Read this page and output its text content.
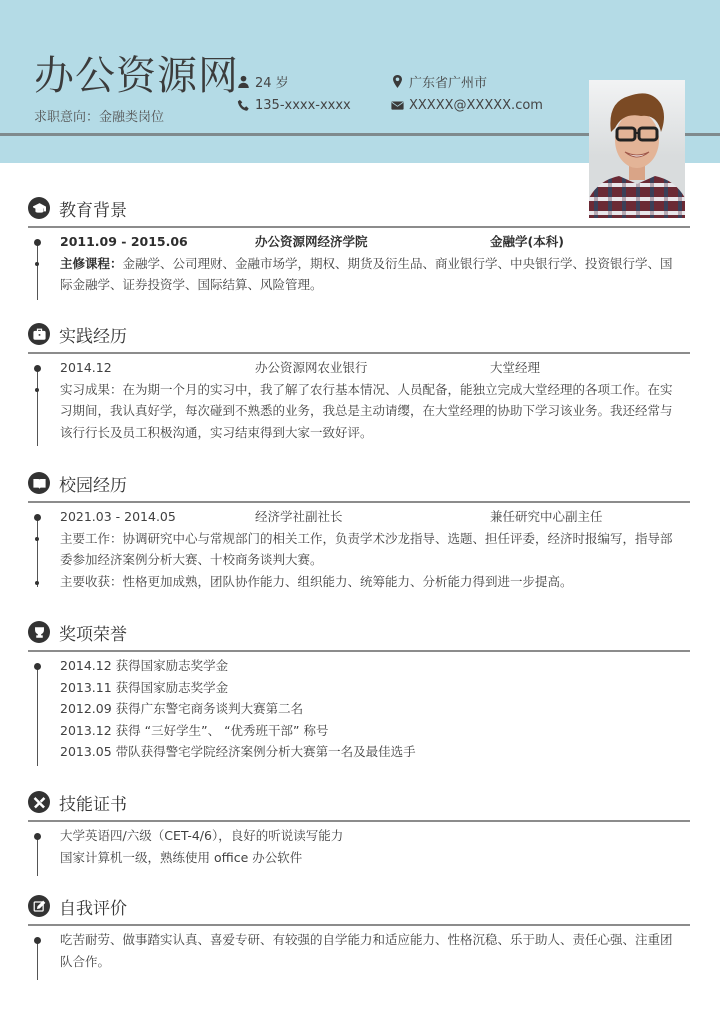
办公资源网
求职意向：金融类岗位
24 岁
135-xxxx-xxxx
广东省广州市
XXXXX@XXXXX.com
教育背景
2011.09 - 2015.06	办公资源网经济学院	金融学(本科)
主修课程：金融学、公司理财、金融市场学，期权、期货及衍生品、商业银行学、中央银行学、投资银行学、国
际金融学、证券投资学、国际结算、风险管理。
实践经历
2014.12	办公资源网农业银行	大堂经理
实习成果：在为期一个月的实习中，我了解了农行基本情况、人员配备，能独立完成大堂经理的各项工作。在实
习期间，我认真好学，每次碰到不熟悉的业务，我总是主动请缨，在大堂经理的协助下学习该业务。我还经常与
该行行长及员工积极沟通，实习结束得到大家一致好评。
校园经历
2021.03 - 2014.05	经济学社副社长	兼任研究中心副主任
主要工作：协调研究中心与常规部门的相关工作，负责学术沙龙指导、选题、担任评委，经济时报编写，指导部
委参加经济案例分析大赛、十校商务谈判大赛。
主要收获：性格更加成熟，团队协作能力、组织能力、统筹能力、分析能力得到进一步提高。
奖项荣誉
2014.12 获得国家励志奖学金
2013.11 获得国家励志奖学金
2012.09 获得广东警宅商务谈判大赛第二名
2013.12 获得 “三好学生”、 “优秀班干部” 称号
2013.05 带队获得警宅学院经济案例分析大赛第一名及最佳选手
技能证书
大学英语四/六级（CET-4/6），良好的听说读写能力
国家计算机一级，熟练使用 office 办公软件
自我评价
吃苦耐劳、做事踏实认真、喜爱专研、有较强的自学能力和适应能力、性格沉稳、乐于助人、责任心强、注重团
队合作。
